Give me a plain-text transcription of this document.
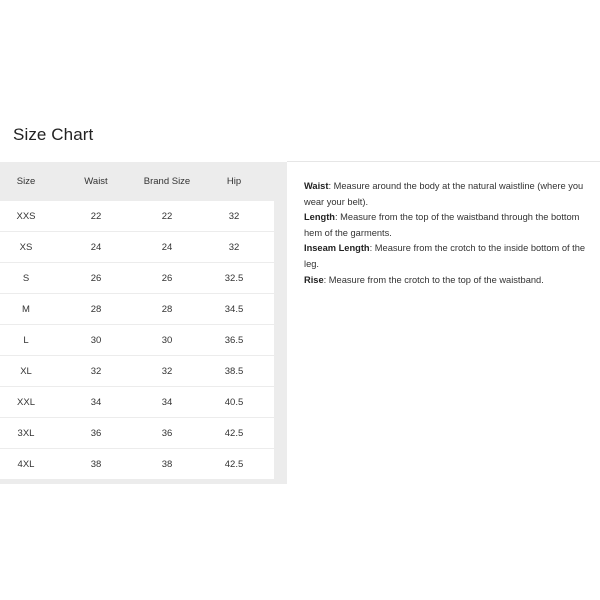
Size Chart
Size	Waist	Brand Size	Hip
XXS	22	22	32
XS	24	24	32
S	26	26	32.5
M	28	28	34.5
L	30	30	36.5
XL	32	32	38.5
XXL	34	34	40.5
3XL	36	36	42.5
4XL	38	38	42.5

Waist: Measure around the body at the natural waistline (where you wear your belt).

Length: Measure from the top of the waistband through the bottom hem of the garments.

Inseam Length: Measure from the crotch to the inside bottom of the leg.

Rise: Measure from the crotch to the top of the waistband.
